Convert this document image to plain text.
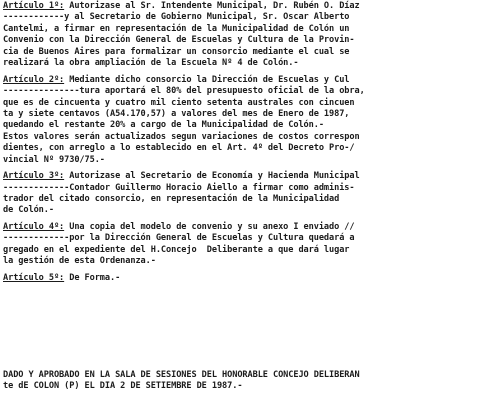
Artículo 1º: Autorizase al Sr. Intendente Municipal, Dr. Rubén O. Díaz
------------y al Secretario de Gobierno Municipal, Sr. Oscar Alberto
Cantelmi, a firmar en representación de la Municipalidad de Colón un
Convenio con la Dirección General de Escuelas y Cultura de la Provin-
cia de Buenos Aires para formalizar un consorcio mediante el cual se
realizará la obra ampliación de la Escuela Nº 4 de Colón.-
Artículo 2º: Mediante dicho consorcio la Dirección de Escuelas y Cul
---------------tura aportará el 80% del presupuesto oficial de la obra,
que es de cincuenta y cuatro mil ciento setenta australes con cincuen
ta y siete centavos (A54.170,57) a valores del mes de Enero de 1987,
quedando el restante 20% a cargo de la Municipalidad de Colón.-
Estos valores serán actualizados segun variaciones de costos correspon
dientes, con arreglo a lo establecido en el Art. 4º del Decreto Pro-/
vincial Nº 9730/75.-
Artículo 3º: Autorizase al Secretario de Economía y Hacienda Municipal
-------------Contador Guillermo Horacio Aiello a firmar como adminis-
trador del citado consorcio, en representación de la Municipalidad
de Colón.-
Artículo 4º: Una copia del modelo de convenio y su anexo I enviado //
-------------por la Dirección General de Escuelas y Cultura quedará a
gregado en el expediente del H.Concejo  Deliberante a que dará lugar
la gestión de esta Ordenanza.-
Artículo 5º: De Forma.-
DADO Y APROBADO EN LA SALA DE SESIONES DEL HONORABLE CONCEJO DELIBERAN
te dE COLON (P) EL DIA 2 DE SETIEMBRE DE 1987.-
